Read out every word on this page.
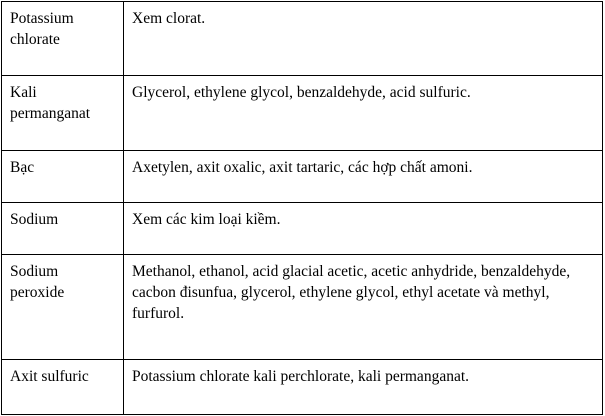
Potassium chlorate	Xem clorat.
Kali permanganat	Glycerol, ethylene glycol, benzaldehyde, acid sulfuric.
Bạc	Axetylen, axit oxalic, axit tartaric, các hợp chất amoni.
Sodium	Xem các kim loại kiềm.
Sodium peroxide	Methanol, ethanol, acid glacial acetic, acetic anhydride, benzaldehyde, cacbon đisunfua, glycerol, ethylene glycol, ethyl acetate và methyl, furfurol.
Axit sulfuric	Potassium chlorate kali perchlorate, kali permanganat.
